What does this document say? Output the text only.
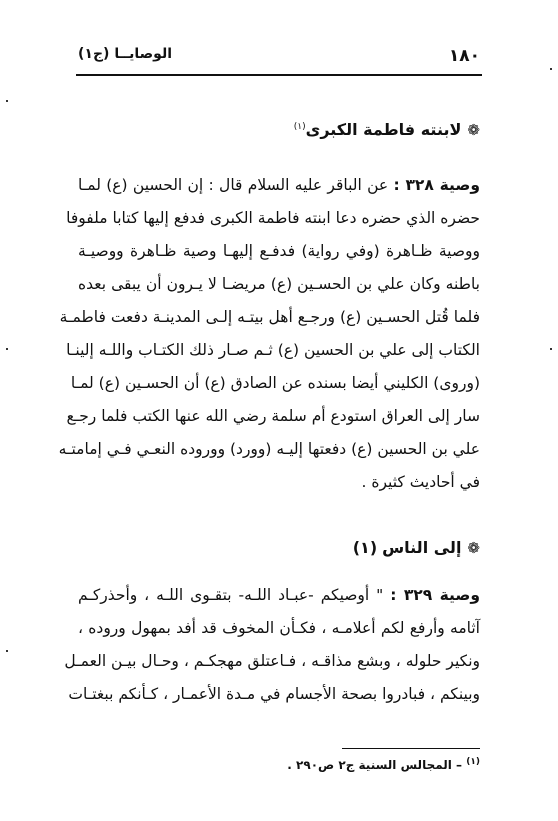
١٨٠
الوصايــا (ج١)
❁لابنته فاطمة الكبرى$^{(١)}$
وصية ٣٢٨ : عن الباقر عليه السلام قال : إن الحسين (ع) لمـا
حضره الذي حضره دعا ابنته فاطمة الكبرى فدفع إليها كتابا ملفوفا
ووصية ظـاهرة (وفي رواية) فدفـع إليهـا وصية ظـاهرة ووصيـة
باطنه وكان علي بن الحسـين (ع) مريضـا لا يـرون أن يبقى بعده
فلما قُتل الحسـين (ع) ورجـع أهل بيتـه إلـى المدينـة دفعت فاطمـة
الكتاب إلى علي بن الحسين (ع) ثـم صـار ذلك الكتـاب واللـه إلينـا
(وروى) الكليني أيضا بسنده عن الصادق (ع) أن الحسـين (ع) لمـا
سار إلى العراق استودع أم سلمة رضي الله عنها الكتب فلما رجـع
علي بن الحسين (ع) دفعتها إليـه (وورد) ووروده النعـي فـي إمامتـه
في أحاديث كثيرة .
❁إلى الناس (١)
وصية ٣٢٩ : " أوصيكم -عبـاد اللـه- بتقـوى اللـه ، وأحذركـم
آثامه وأرفع لكم أعلامـه ، فكـأن المخوف قد أفد بمهول وروده ،
ونكير حلوله ، وبشع مذاقـه ، فـاعتلق مهجكـم ، وحـال بيـن العمـل
وبينكم ، فبادروا بصحة الأجسام في مـدة الأعمـار ، كـأنكم ببغتـات
$^{(١)}$ – المجالس السنية ج٢ ص٢٩٠ .
